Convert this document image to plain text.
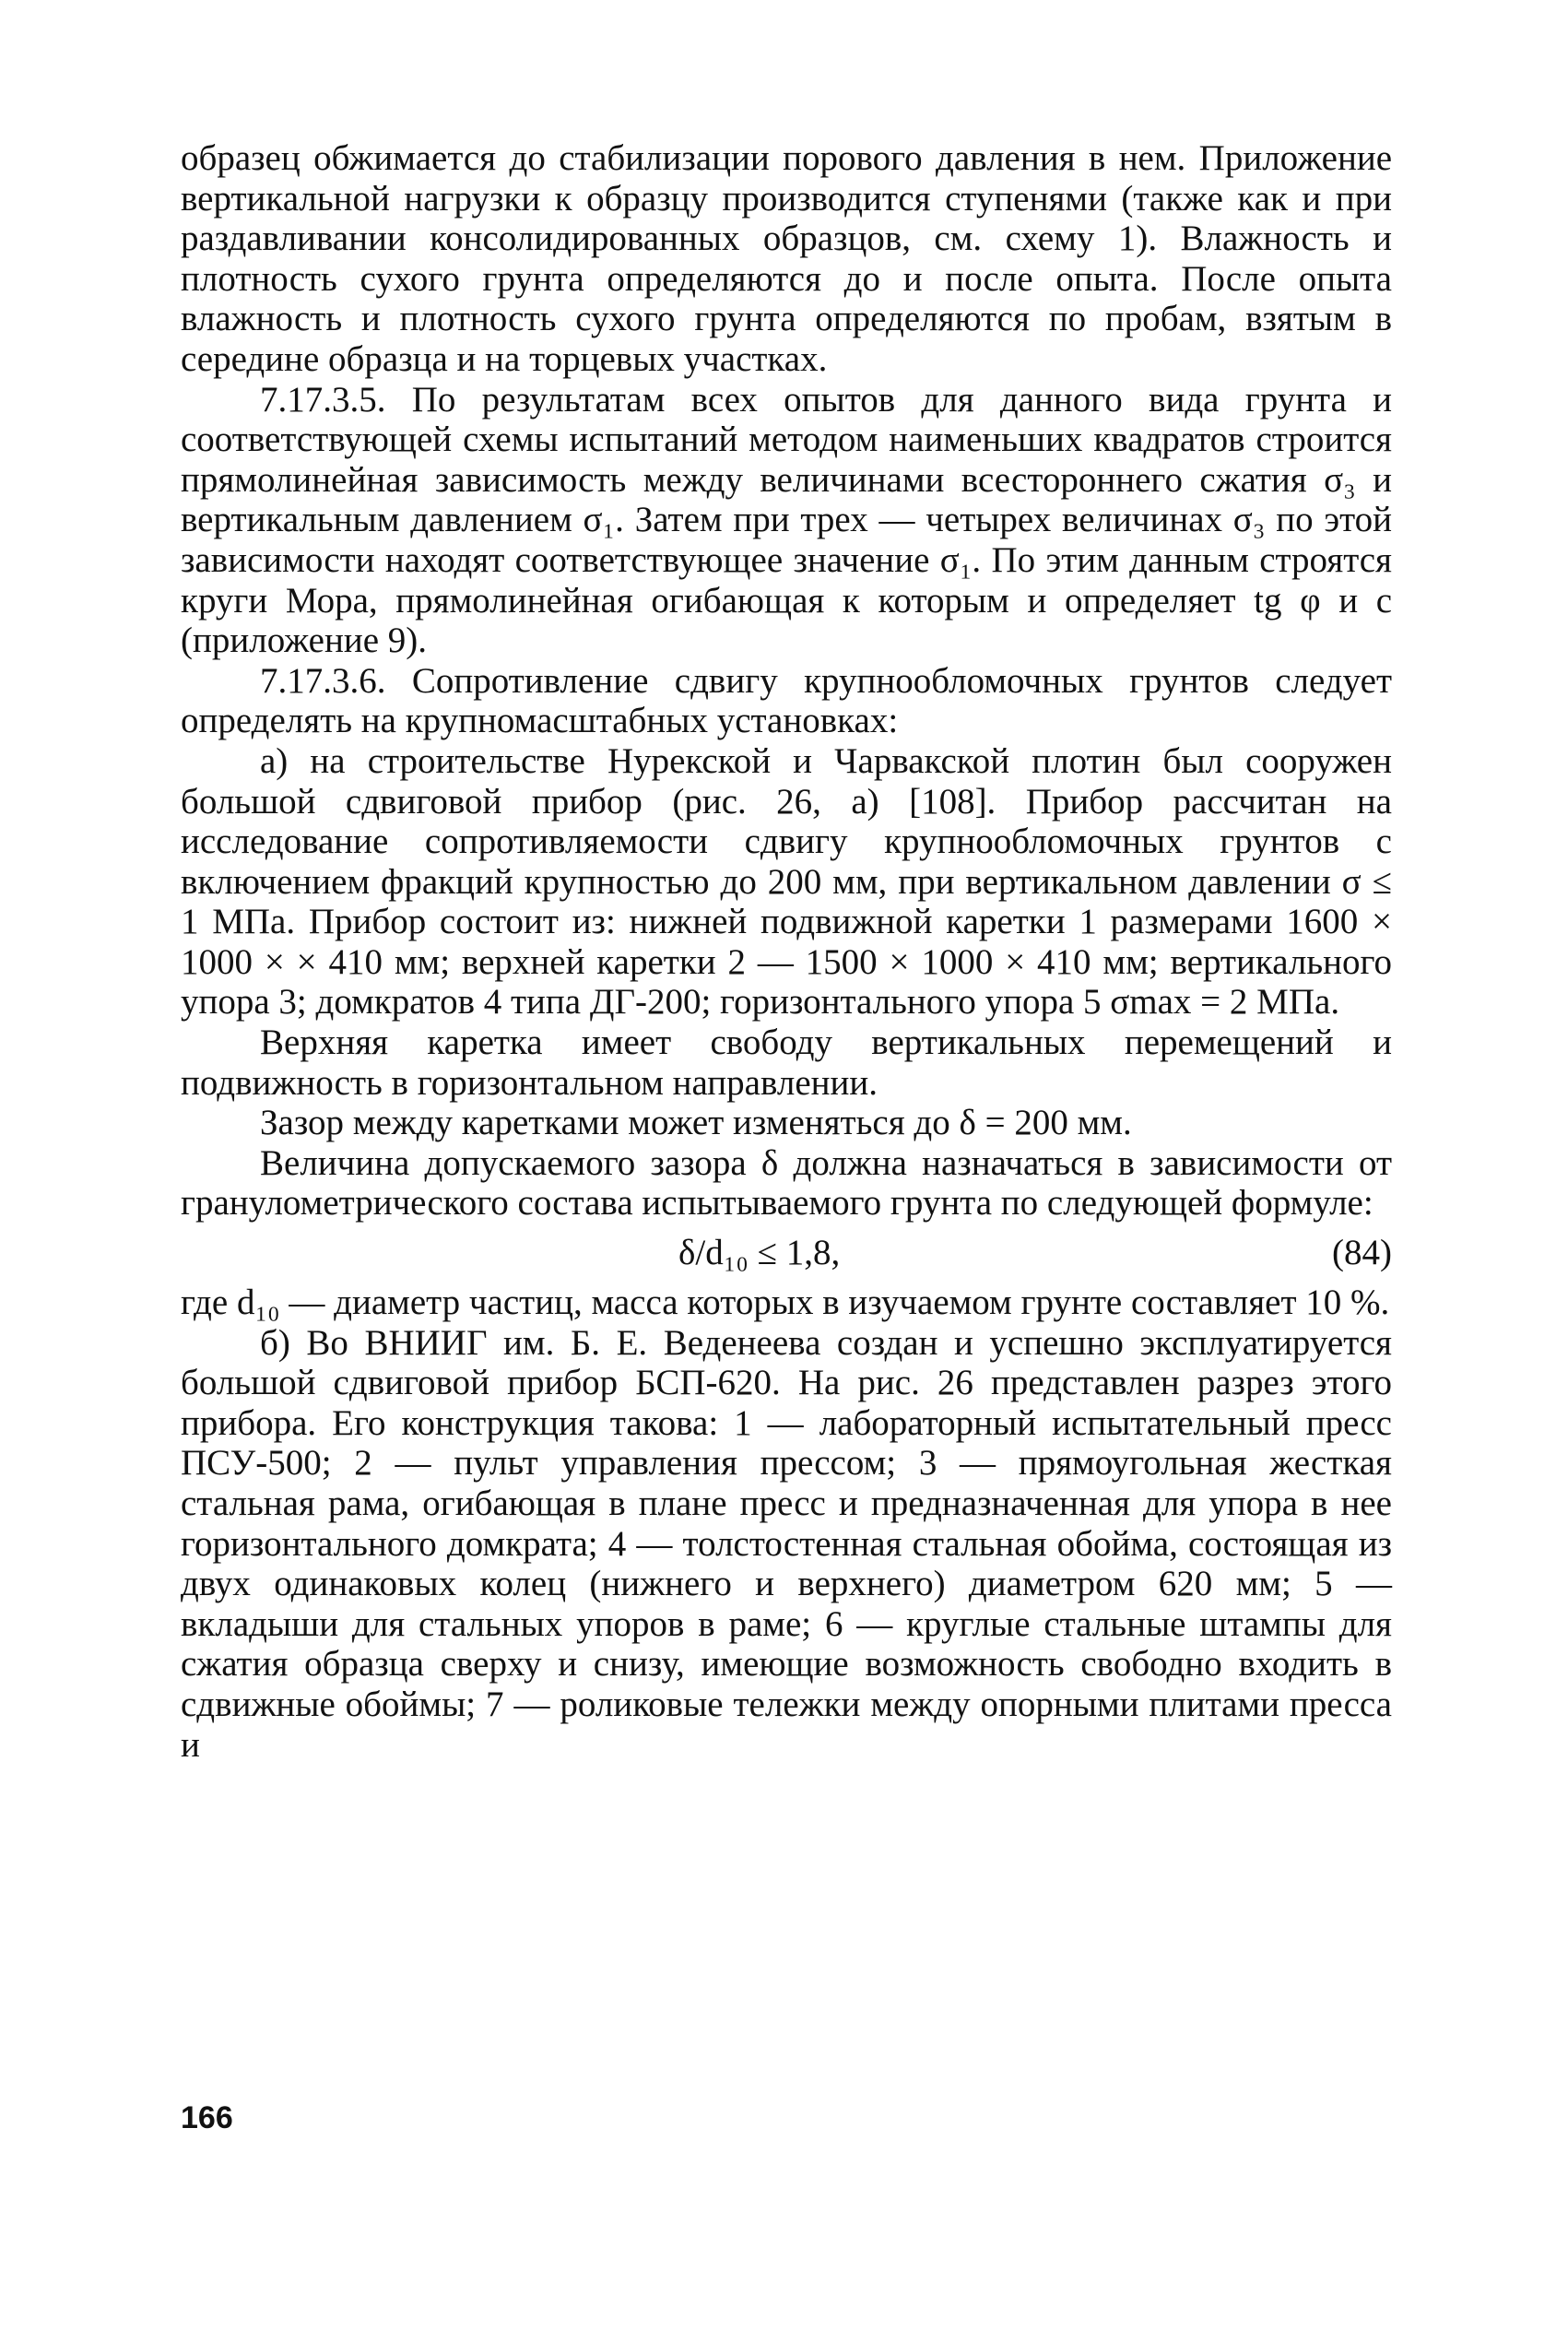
образец обжимается до стабилизации порового давления в нем. Приложение вертикальной нагрузки к образцу производится ступенями (также как и при раздавливании консолидированных образцов, см. схему 1). Влажность и плотность сухого грунта определяются до и после опыта. После опыта влажность и плотность сухого грунта определяются по пробам, взятым в середине образца и на торцевых участках.

7.17.3.5. По результатам всех опытов для данного вида грунта и соответствующей схемы испытаний методом наименьших квадратов строится прямолинейная зависимость между величинами всестороннего сжатия σ₃ и вертикальным давлением σ₁. Затем при трех — четырех величинах σ₃ по этой зависимости находят соответствующее значение σ₁. По этим данным строятся круги Мора, прямолинейная огибающая к которым и определяет tg φ и c (приложение 9).

7.17.3.6. Сопротивление сдвигу крупнообломочных грунтов следует определять на крупномасштабных установках:

а) на строительстве Нурекской и Чарвакской плотин был сооружен большой сдвиговой прибор (рис. 26, а) [108]. Прибор рассчитан на исследование сопротивляемости сдвигу крупнообломочных грунтов с включением фракций крупностью до 200 мм, при вертикальном давлении σ ≤ 1 МПа. Прибор состоит из: нижней подвижной каретки 1 размерами 1600 × 1000 × × 410 мм; верхней каретки 2 — 1500 × 1000 × 410 мм; вертикального упора 3; домкратов 4 типа ДГ-200; горизонтального упора 5 σmax = 2 МПа.

Верхняя каретка имеет свободу вертикальных перемещений и подвижность в горизонтальном направлении.

Зазор между каретками может изменяться до δ = 200 мм.

Величина допускаемого зазора δ должна назначаться в зависимости от гранулометрического состава испытываемого грунта по следующей формуле:

δ/d₁₀ ≤ 1,8,	(84)

где d₁₀ — диаметр частиц, масса которых в изучаемом грунте составляет 10 %.

б) Во ВНИИГ им. Б. Е. Веденеева создан и успешно эксплуатируется большой сдвиговой прибор БСП-620. На рис. 26 представлен разрез этого прибора. Его конструкция такова: 1 — лабораторный испытательный пресс ПСУ-500; 2 — пульт управления прессом; 3 — прямоугольная жесткая стальная рама, огибающая в плане пресс и предназначенная для упора в нее горизонтального домкрата; 4 — толстостенная стальная обойма, состоящая из двух одинаковых колец (нижнего и верхнего) диаметром 620 мм; 5 — вкладыши для стальных упоров в раме; 6 — круглые стальные штампы для сжатия образца сверху и снизу, имеющие возможность свободно входить в сдвижные обоймы; 7 — роликовые тележки между опорными плитами пресса и

166
